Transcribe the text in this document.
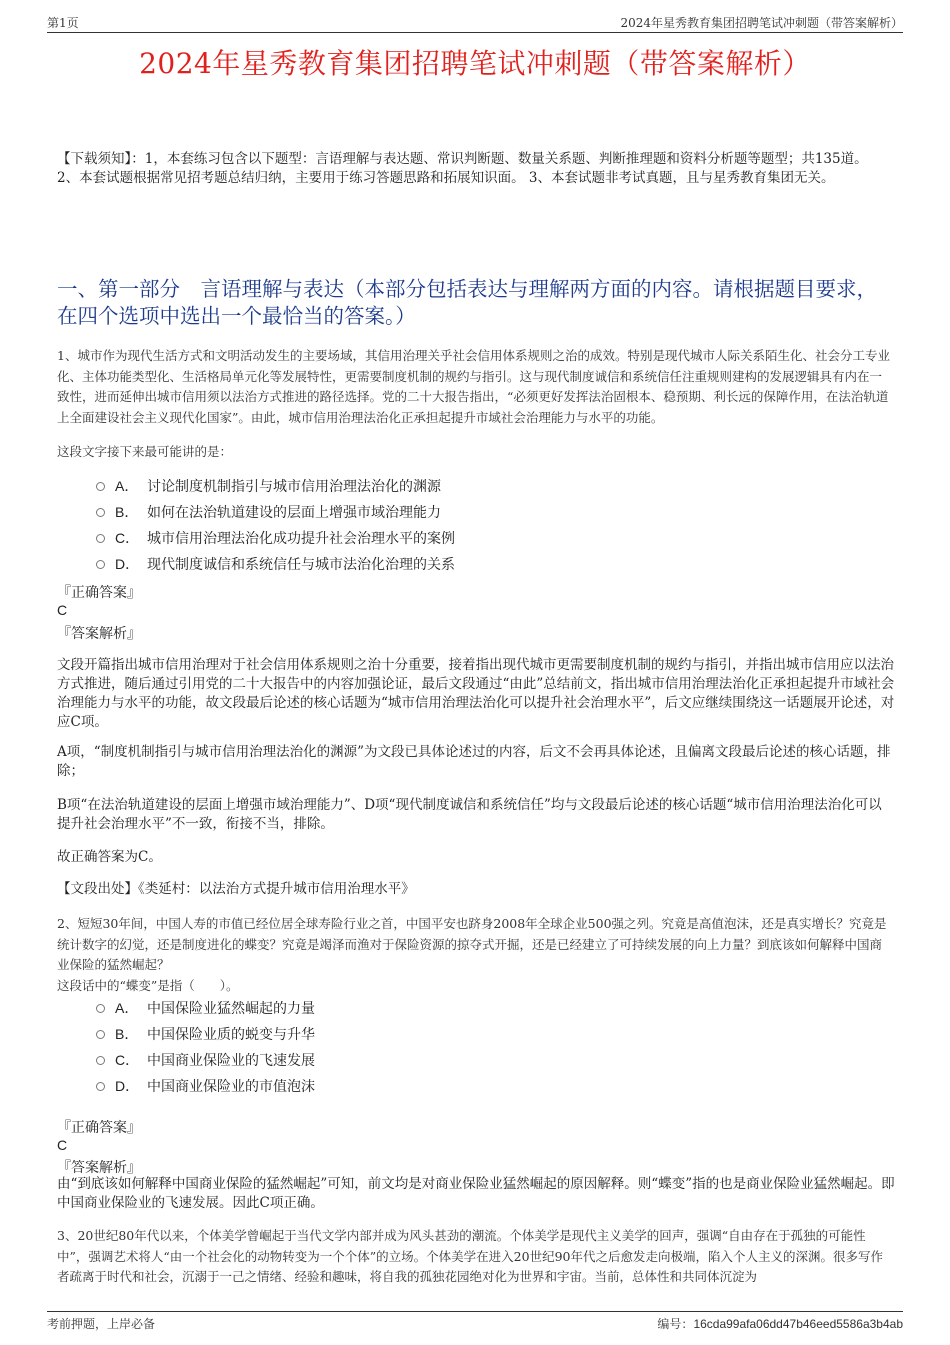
第1页	2024年星秀教育集团招聘笔试冲刺题（带答案解析）
2024年星秀教育集团招聘笔试冲刺题（带答案解析）
【下载须知】：1，本套练习包含以下题型：言语理解与表达题、常识判断题、数量关系题、判断推理题和资料分析题等题型；共135道。 2、本套试题根据常见招考题总结归纳，主要用于练习答题思路和拓展知识面。 3、本套试题非考试真题，且与星秀教育集团无关。
一、第一部分　言语理解与表达（本部分包括表达与理解两方面的内容。请根据题目要求，在四个选项中选出一个最恰当的答案。）
1、城市作为现代生活方式和文明活动发生的主要场域，其信用治理关乎社会信用体系规则之治的成效。特别是现代城市人际关系陌生化、社会分工专业化、主体功能类型化、生活格局单元化等发展特性，更需要制度机制的规约与指引。这与现代制度诚信和系统信任注重规则建构的发展逻辑具有内在一致性，进而延伸出城市信用须以法治方式推进的路径选择。党的二十大报告指出，“必须更好发挥法治固根本、稳预期、利长远的保障作用，在法治轨道上全面建设社会主义现代化国家”。由此，城市信用治理法治化正承担起提升市域社会治理能力与水平的功能。
这段文字接下来最可能讲的是：
A． 讨论制度机制指引与城市信用治理法治化的渊源
B． 如何在法治轨道建设的层面上增强市域治理能力
C． 城市信用治理法治化成功提升社会治理水平的案例
D． 现代制度诚信和系统信任与城市法治化治理的关系
『正确答案』
C
『答案解析』
文段开篇指出城市信用治理对于社会信用体系规则之治十分重要，接着指出现代城市更需要制度机制的规约与指引，并指出城市信用应以法治方式推进，随后通过引用党的二十大报告中的内容加强论证，最后文段通过“由此”总结前文，指出城市信用治理法治化正承担起提升市域社会治理能力与水平的功能，故文段最后论述的核心话题为“城市信用治理法治化可以提升社会治理水平”，后文应继续围绕这一话题展开论述，对应C项。
A项，“制度机制指引与城市信用治理法治化的渊源”为文段已具体论述过的内容，后文不会再具体论述，且偏离文段最后论述的核心话题，排除；
B项“在法治轨道建设的层面上增强市域治理能力”、D项“现代制度诚信和系统信任”均与文段最后论述的核心话题“城市信用治理法治化可以提升社会治理水平”不一致，衔接不当，排除。
故正确答案为C。
【文段出处】《类延村：以法治方式提升城市信用治理水平》
2、短短30年间，中国人寿的市值已经位居全球寿险行业之首，中国平安也跻身2008年全球企业500强之列。究竟是高值泡沫，还是真实增长？究竟是统计数字的幻觉，还是制度进化的蝶变？究竟是竭泽而渔对于保险资源的掠夺式开掘，还是已经建立了可持续发展的向上力量？到底该如何解释中国商业保险的猛然崛起？
这段话中的“蝶变”是指（　　）。
A． 中国保险业猛然崛起的力量
B． 中国保险业质的蜕变与升华
C． 中国商业保险业的飞速发展
D． 中国商业保险业的市值泡沫
『正确答案』
C
『答案解析』
由“到底该如何解释中国商业保险的猛然崛起”可知，前文均是对商业保险业猛然崛起的原因解释。则“蝶变”指的也是商业保险业猛然崛起。即中国商业保险业的飞速发展。因此C项正确。
3、20世纪80年代以来，个体美学曾崛起于当代文学内部并成为风头甚劲的潮流。个体美学是现代主义美学的回声，强调“自由存在于孤独的可能性中”，强调艺术将人“由一个社会化的动物转变为一个个体”的立场。个体美学在进入20世纪90年代之后愈发走向极端，陷入个人主义的深渊。很多写作者疏离于时代和社会，沉溺于一己之情绪、经验和趣味，将自我的孤独花园绝对化为世界和宇宙。当前，总体性和共同体沉淀为
考前押题，上岸必备	编号：16cda99afa06dd47b46eed5586a3b4ab
